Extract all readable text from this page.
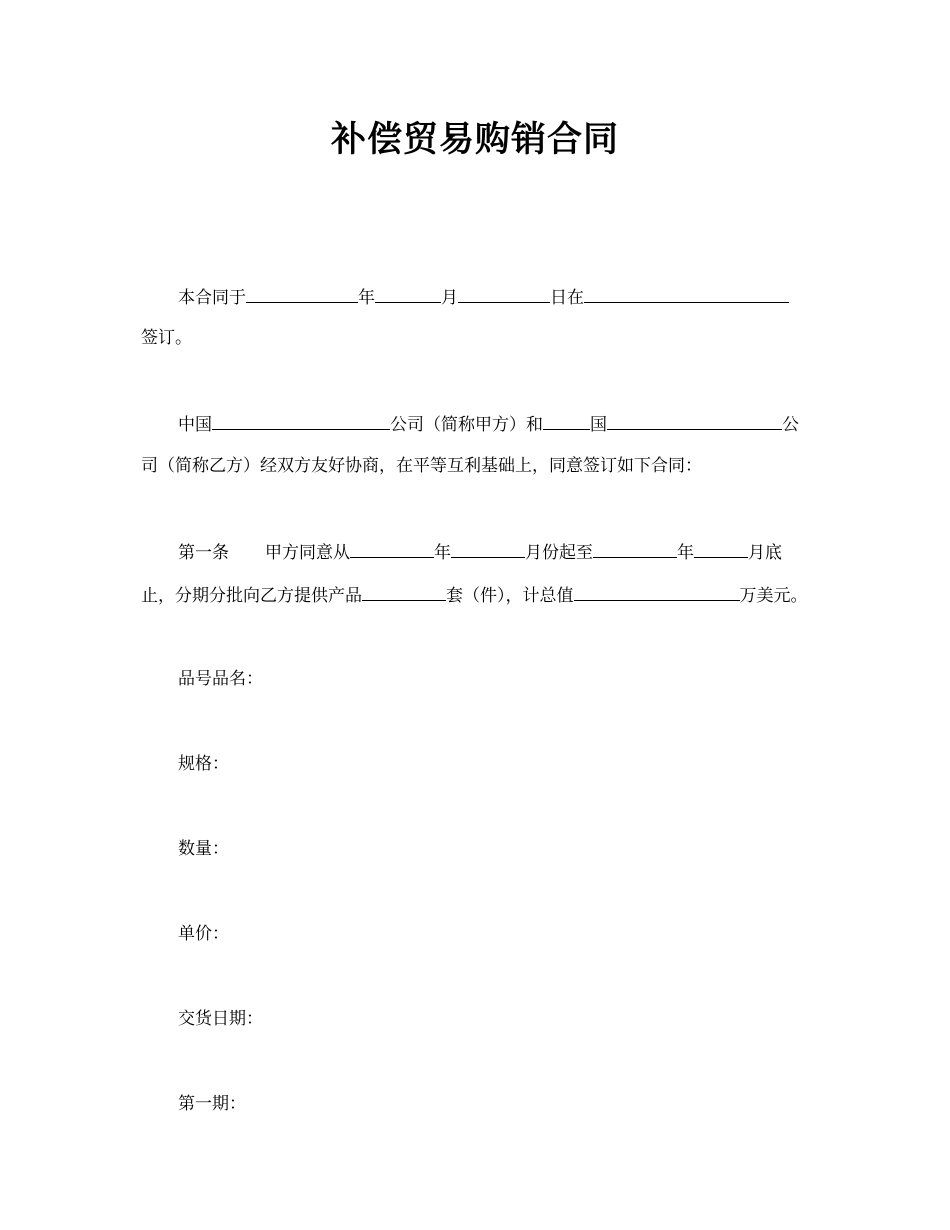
补偿贸易购销合同
本合同于	年	月	日在
签订。
中国	公司（简称甲方）和	国	公
司（简称乙方）经双方友好协商，在平等互利基础上，同意签订如下合同：
第一条 甲方同意从	年	月份起至	年	月底
止，分期分批向乙方提供产品	套（件），计总值	万美元。
品号品名：
规格：
数量：
单价：
交货日期：
第一期：
